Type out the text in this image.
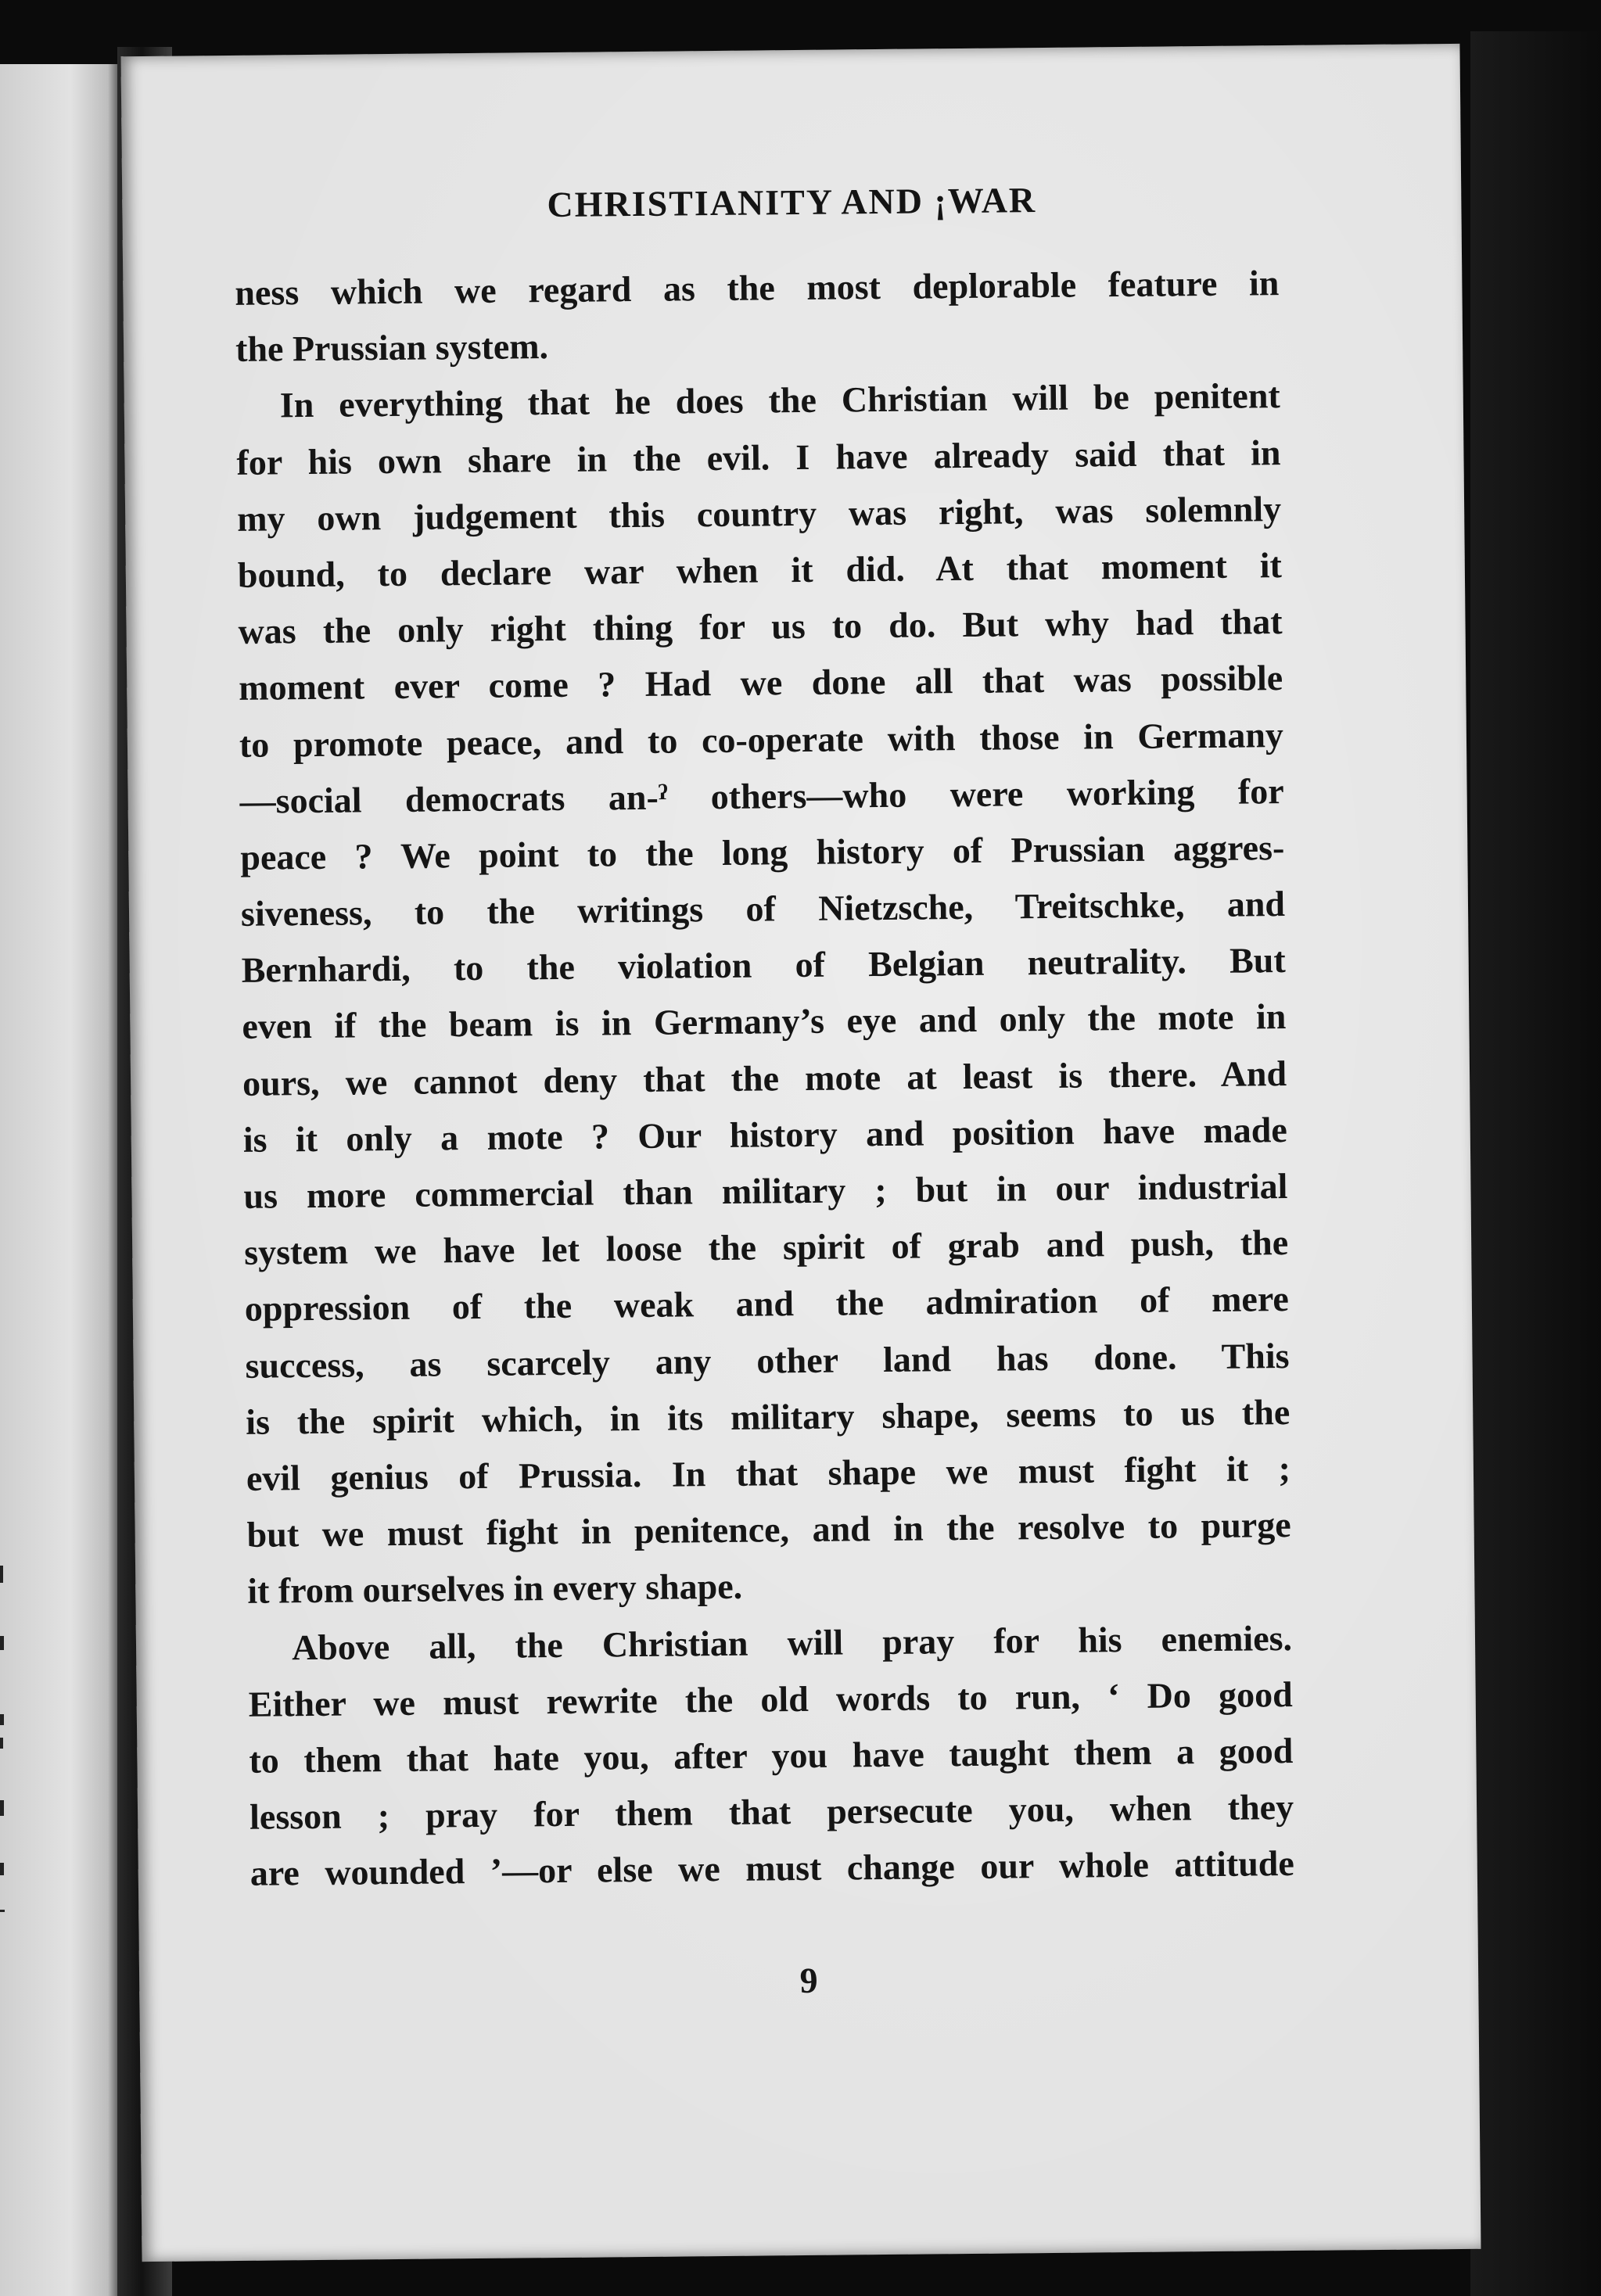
CHRISTIANITY AND ¡WAR
ness which we regard as the most deplorable feature in
the Prussian system.
In everything that he does the Christian will be penitent
for his own share in the evil. I have already said that in
my own judgement this country was right, was solemnly
bound, to declare war when it did. At that moment it
was the only right thing for us to do. But why had that
moment ever come ? Had we done all that was possible
to promote peace, and to co-operate with those in Germany
—social democrats an-ˀ others—who were working for
peace ? We point to the long history of Prussian aggres-
siveness, to the writings of Nietzsche, Treitschke, and
Bernhardi, to the violation of Belgian neutrality. But
even if the beam is in Germany’s eye and only the mote in
ours, we cannot deny that the mote at least is there. And
is it only a mote ? Our history and position have made
us more commercial than military ; but in our industrial
system we have let loose the spirit of grab and push, the
oppression of the weak and the admiration of mere
success, as scarcely any other land has done. This
is the spirit which, in its military shape, seems to us the
evil genius of Prussia. In that shape we must fight it ;
but we must fight in penitence, and in the resolve to purge
it from ourselves in every shape.
Above all, the Christian will pray for his enemies.
Either we must rewrite the old words to run, ‘ Do good
to them that hate you, after you have taught them a good
lesson ; pray for them that persecute you, when they
are wounded ’—or else we must change our whole attitude
9
